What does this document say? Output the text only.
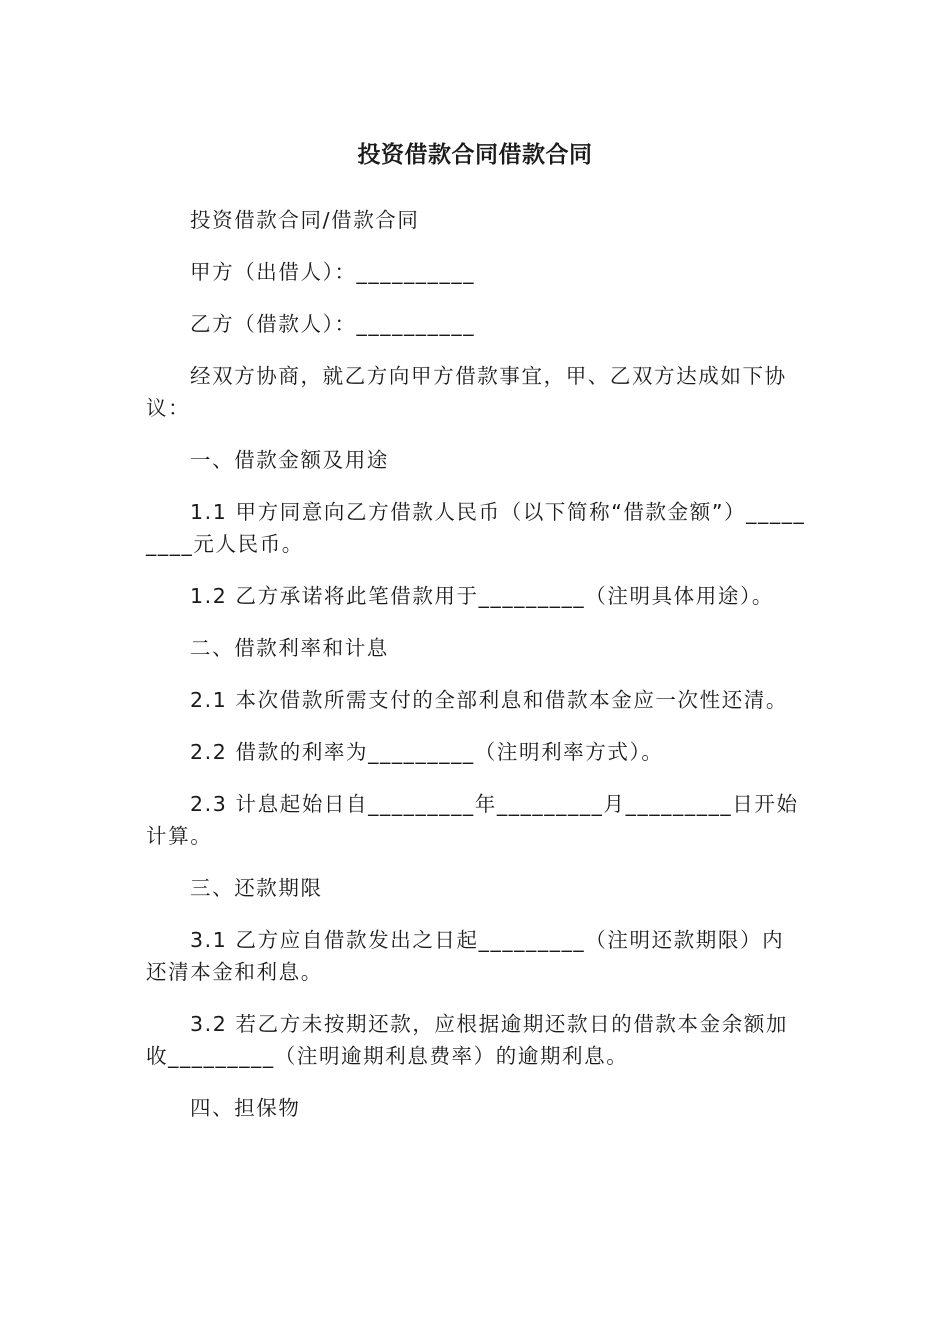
投资借款合同借款合同

投资借款合同/借款合同

甲方（出借人）：__________

乙方（借款人）：__________

经双方协商，就乙方向甲方借款事宜，甲、乙双方达成如下协议：

一、借款金额及用途

1.1 甲方同意向乙方借款人民币（以下简称“借款金额”）_________元人民币。

1.2 乙方承诺将此笔借款用于_________（注明具体用途）。

二、借款利率和计息

2.1 本次借款所需支付的全部利息和借款本金应一次性还清。

2.2 借款的利率为_________（注明利率方式）。

2.3 计息起始日自_________年_________月_________日开始计算。

三、还款期限

3.1 乙方应自借款发出之日起_________（注明还款期限）内还清本金和利息。

3.2 若乙方未按期还款，应根据逾期还款日的借款本金余额加收_________（注明逾期利息费率）的逾期利息。

四、担保物
